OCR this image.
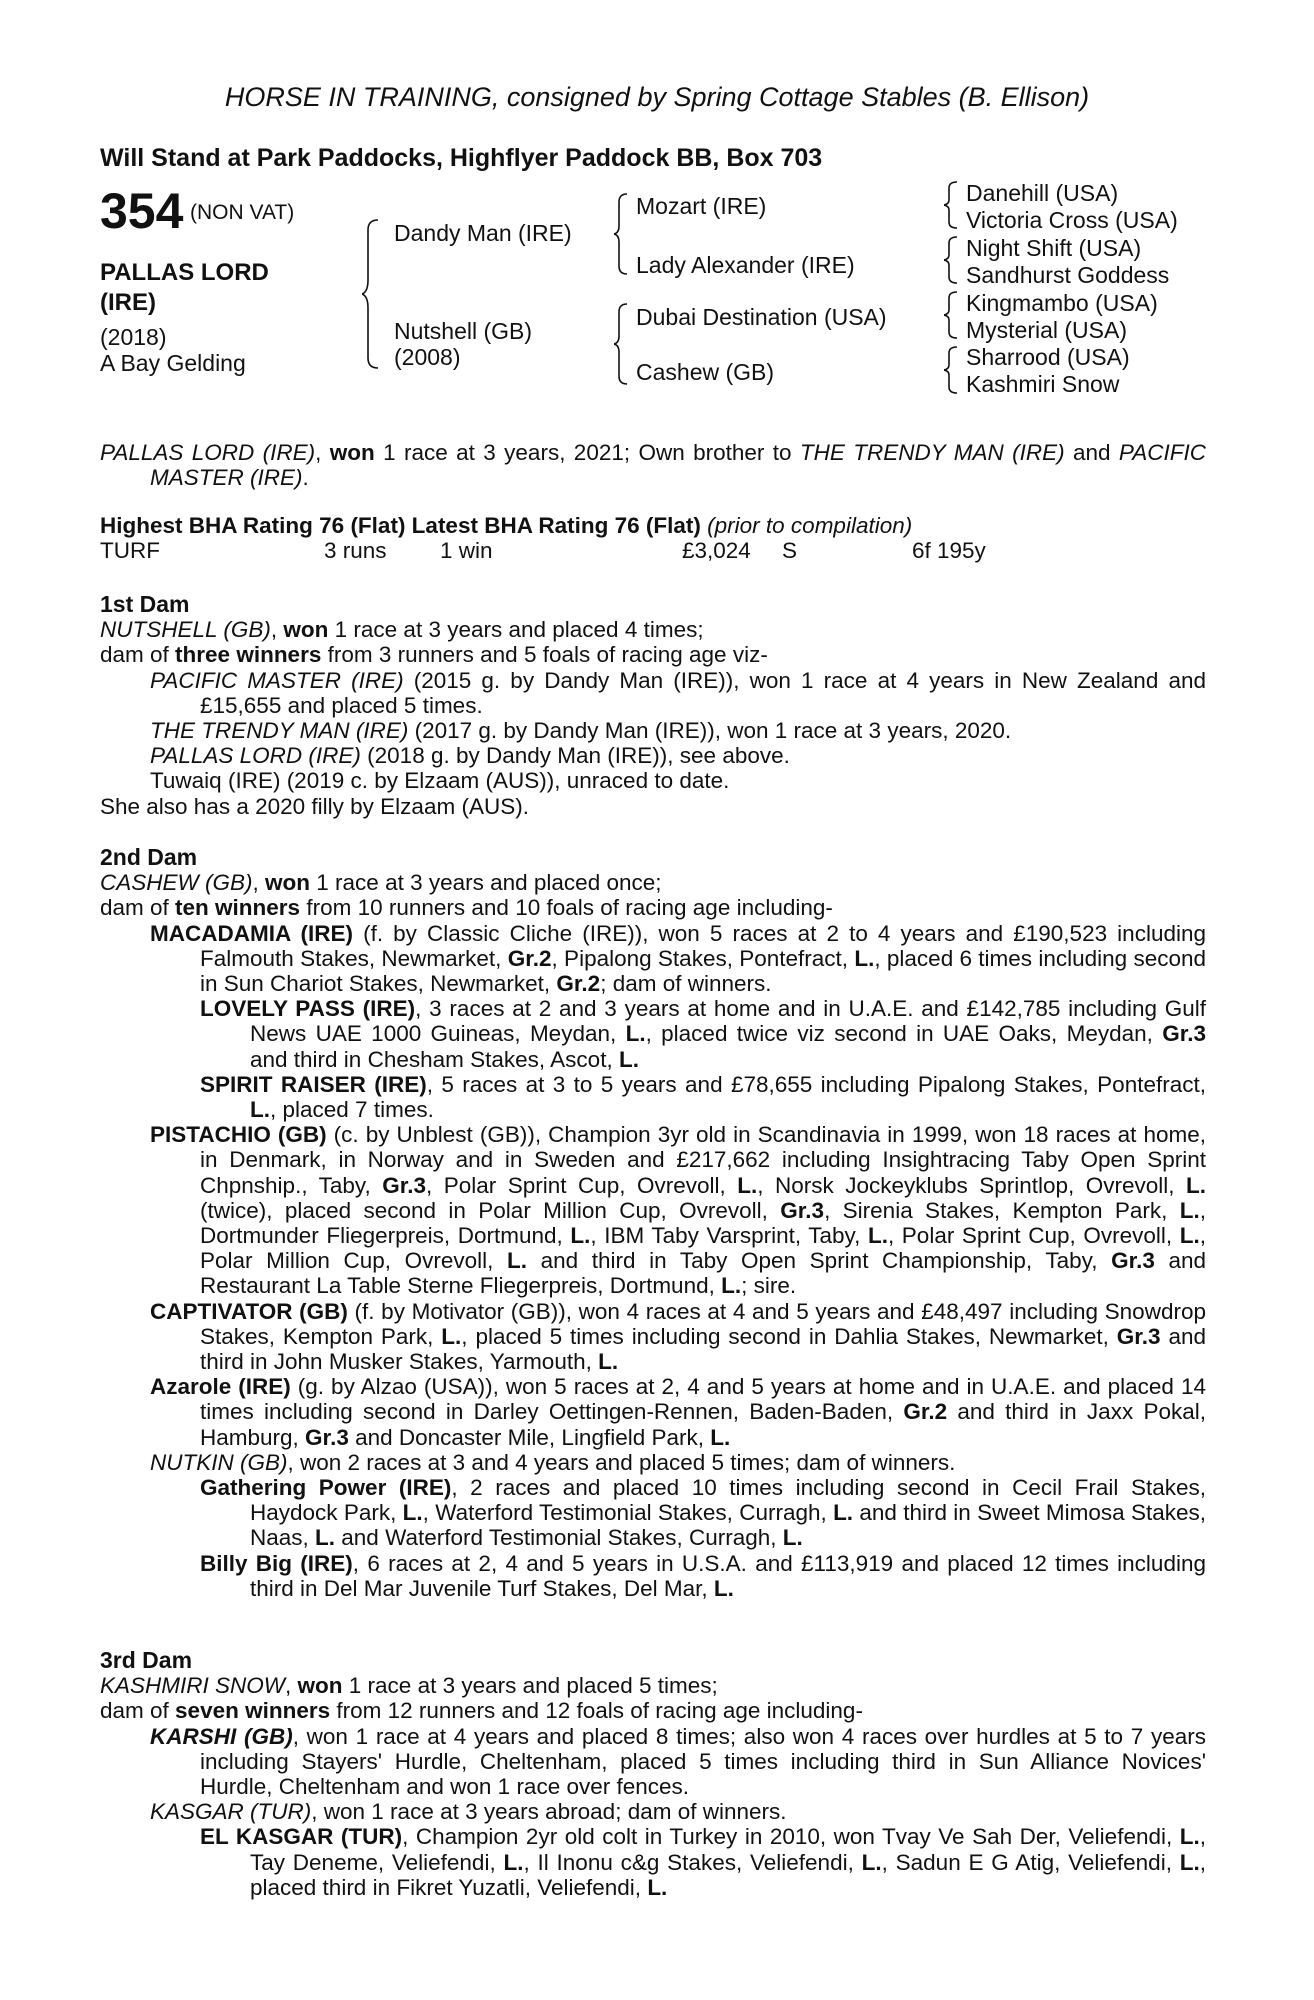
HORSE IN TRAINING, consigned by Spring Cottage Stables (B. Ellison)
Will Stand at Park Paddocks, Highflyer Paddock BB, Box 703
354 (NON VAT)
PALLAS LORD
(IRE)
(2018)
A Bay Gelding
Dandy Man (IRE)
Nutshell (GB)
(2008)
Mozart (IRE)
Lady Alexander (IRE)
Dubai Destination (USA)
Cashew (GB)
Danehill (USA)
Victoria Cross (USA)
Night Shift (USA)
Sandhurst Goddess
Kingmambo (USA)
Mysterial (USA)
Sharrood (USA)
Kashmiri Snow

PALLAS LORD (IRE), won 1 race at 3 years, 2021; Own brother to THE TRENDY MAN (IRE) and PACIFIC MASTER (IRE).

Highest BHA Rating 76 (Flat) Latest BHA Rating 76 (Flat) (prior to compilation)
TURF	3 runs 1 win	£3,024 S	6f 195y

1st Dam

NUTSHELL (GB), won 1 race at 3 years and placed 4 times;

dam of three winners from 3 runners and 5 foals of racing age viz-

PACIFIC MASTER (IRE) (2015 g. by Dandy Man (IRE)), won 1 race at 4 years in New Zealand and £15,655 and placed 5 times.

THE TRENDY MAN (IRE) (2017 g. by Dandy Man (IRE)), won 1 race at 3 years, 2020.

PALLAS LORD (IRE) (2018 g. by Dandy Man (IRE)), see above.

Tuwaiq (IRE) (2019 c. by Elzaam (AUS)), unraced to date.

She also has a 2020 filly by Elzaam (AUS).

2nd Dam

CASHEW (GB), won 1 race at 3 years and placed once;

dam of ten winners from 10 runners and 10 foals of racing age including-

MACADAMIA (IRE) (f. by Classic Cliche (IRE)), won 5 races at 2 to 4 years and £190,523 including Falmouth Stakes, Newmarket, Gr.2, Pipalong Stakes, Pontefract, L., placed 6 times including second in Sun Chariot Stakes, Newmarket, Gr.2; dam of winners.

LOVELY PASS (IRE), 3 races at 2 and 3 years at home and in U.A.E. and £142,785 including Gulf News UAE 1000 Guineas, Meydan, L., placed twice viz second in UAE Oaks, Meydan, Gr.3 and third in Chesham Stakes, Ascot, L.

SPIRIT RAISER (IRE), 5 races at 3 to 5 years and £78,655 including Pipalong Stakes, Pontefract, L., placed 7 times.

PISTACHIO (GB) (c. by Unblest (GB)), Champion 3yr old in Scandinavia in 1999, won 18 races at home, in Denmark, in Norway and in Sweden and £217,662 including Insightracing Taby Open Sprint Chpnship., Taby, Gr.3, Polar Sprint Cup, Ovrevoll, L., Norsk Jockeyklubs Sprintlop, Ovrevoll, L. (twice), placed second in Polar Million Cup, Ovrevoll, Gr.3, Sirenia Stakes, Kempton Park, L., Dortmunder Fliegerpreis, Dortmund, L., IBM Taby Varsprint, Taby, L., Polar Sprint Cup, Ovrevoll, L., Polar Million Cup, Ovrevoll, L. and third in Taby Open Sprint Championship, Taby, Gr.3 and Restaurant La Table Sterne Fliegerpreis, Dortmund, L.; sire.

CAPTIVATOR (GB) (f. by Motivator (GB)), won 4 races at 4 and 5 years and £48,497 including Snowdrop Stakes, Kempton Park, L., placed 5 times including second in Dahlia Stakes, Newmarket, Gr.3 and third in John Musker Stakes, Yarmouth, L.

Azarole (IRE) (g. by Alzao (USA)), won 5 races at 2, 4 and 5 years at home and in U.A.E. and placed 14 times including second in Darley Oettingen-Rennen, Baden-Baden, Gr.2 and third in Jaxx Pokal, Hamburg, Gr.3 and Doncaster Mile, Lingfield Park, L.

NUTKIN (GB), won 2 races at 3 and 4 years and placed 5 times; dam of winners.

Gathering Power (IRE), 2 races and placed 10 times including second in Cecil Frail Stakes, Haydock Park, L., Waterford Testimonial Stakes, Curragh, L. and third in Sweet Mimosa Stakes, Naas, L. and Waterford Testimonial Stakes, Curragh, L.

Billy Big (IRE), 6 races at 2, 4 and 5 years in U.S.A. and £113,919 and placed 12 times including third in Del Mar Juvenile Turf Stakes, Del Mar, L.

3rd Dam

KASHMIRI SNOW, won 1 race at 3 years and placed 5 times;

dam of seven winners from 12 runners and 12 foals of racing age including-

KARSHI (GB), won 1 race at 4 years and placed 8 times; also won 4 races over hurdles at 5 to 7 years including Stayers' Hurdle, Cheltenham, placed 5 times including third in Sun Alliance Novices' Hurdle, Cheltenham and won 1 race over fences.

KASGAR (TUR), won 1 race at 3 years abroad; dam of winners.

EL KASGAR (TUR), Champion 2yr old colt in Turkey in 2010, won Tvay Ve Sah Der, Veliefendi, L., Tay Deneme, Veliefendi, L., Il Inonu c&g Stakes, Veliefendi, L., Sadun E G Atig, Veliefendi, L., placed third in Fikret Yuzatli, Veliefendi, L.
